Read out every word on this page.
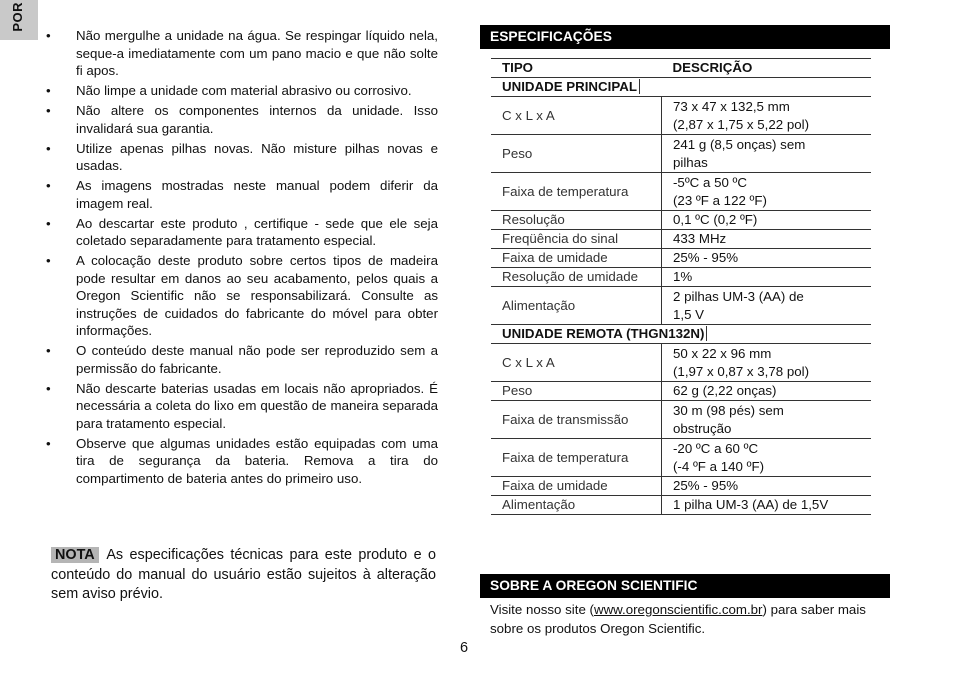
POR
• Não mergulhe a unidade na água. Se respingar líquido nela, seque-a imediatamente com um pano macio e que não solte fi apos.
• Não limpe a unidade com material abrasivo ou corrosivo.
• Não altere os componentes internos da unidade. Isso invalidará sua garantia.
• Utilize apenas pilhas novas. Não misture pilhas novas e usadas.
• As imagens mostradas neste manual podem diferir da imagem real.
• Ao descartar este produto , certifique - sede que ele seja coletado separadamente para tratamento especial.
• A colocação deste produto sobre certos tipos de madeira pode resultar em danos ao seu acabamento, pelos quais a Oregon Scientific não se responsabilizará. Consulte as instruções de cuidados do fabricante do móvel para obter informações.
• O conteúdo deste manual não pode ser reproduzido sem a permissão do fabricante.
• Não descarte baterias usadas em locais não apropriados. É necessária a coleta do lixo em questão de maneira separada para tratamento especial.
• Observe que algumas unidades estão equipadas com uma tira de segurança da bateria. Remova a tira do compartimento de bateria antes do primeiro uso.
NOTA As especificações técnicas para este produto e o conteúdo do manual do usuário estão sujeitos à alteração sem aviso prévio.
ESPECIFICAÇÕES
TIPO	DESCRIÇÃO
UNIDADE PRINCIPAL	
C x L x A	73 x 47 x 132,5 mm
(2,87 x 1,75 x 5,22 pol)

Peso	241 g (8,5 onças) sem
pilhas

Faixa de temperatura	-5ºC a 50 ºC
(23 ºF a 122 ºF)

Resolução	0,1 ºC (0,2 ºF)

Freqüência do sinal	433 MHz

Faixa de umidade	25% - 95%

Resolução de umidade	1%

Alimentação	2 pilhas UM-3 (AA) de
1,5 V

UNIDADE REMOTA (THGN132N)	
C x L x A	50 x 22 x 96 mm
(1,97 x 0,87 x 3,78 pol)

Peso	62 g (2,22 onças)

Faixa de transmissão	30 m (98 pés) sem
obstrução

Faixa de temperatura	-20 ºC a 60 ºC
(-4 ºF a 140 ºF)

Faixa de umidade	25% - 95%

Alimentação	1 pilha UM-3 (AA) de 1,5V
SOBRE A OREGON SCIENTIFIC
Visite nosso site (www.oregonscientific.com.br) para saber mais sobre os produtos Oregon Scientific.
6
